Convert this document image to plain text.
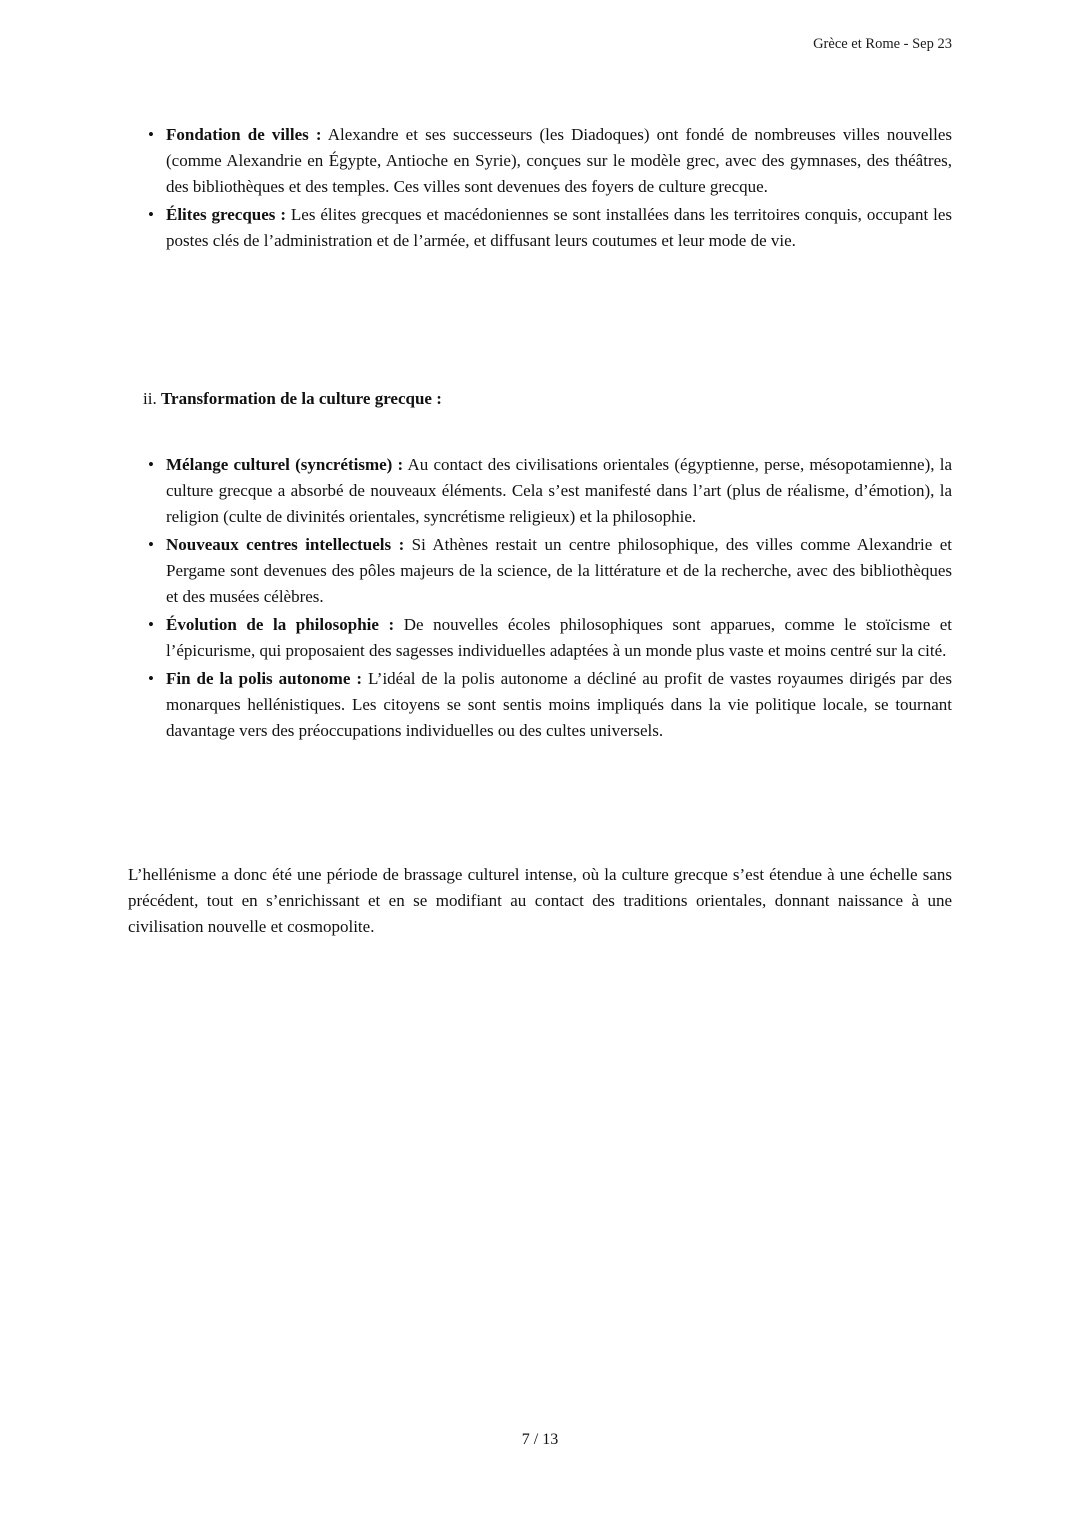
Grèce et Rome - Sep 23
• Fondation de villes : Alexandre et ses successeurs (les Diadoques) ont fondé de nombreuses villes nouvelles (comme Alexandrie en Égypte, Antioche en Syrie), conçues sur le modèle grec, avec des gymnases, des théâtres, des bibliothèques et des temples. Ces villes sont devenues des foyers de culture grecque.
• Élites grecques : Les élites grecques et macédoniennes se sont installées dans les territoires conquis, occupant les postes clés de l’administration et de l’armée, et diffusant leurs coutumes et leur mode de vie.
ii. Transformation de la culture grecque :
• Mélange culturel (syncrétisme) : Au contact des civilisations orientales (égyptienne, perse, mésopotamienne), la culture grecque a absorbé de nouveaux éléments. Cela s’est manifesté dans l’art (plus de réalisme, d’émotion), la religion (culte de divinités orientales, syncrétisme religieux) et la philosophie.
• Nouveaux centres intellectuels : Si Athènes restait un centre philosophique, des villes comme Alexandrie et Pergame sont devenues des pôles majeurs de la science, de la littérature et de la recherche, avec des bibliothèques et des musées célèbres.
• Évolution de la philosophie : De nouvelles écoles philosophiques sont apparues, comme le stoïcisme et l’épicurisme, qui proposaient des sagesses individuelles adaptées à un monde plus vaste et moins centré sur la cité.
• Fin de la polis autonome : L’idéal de la polis autonome a décliné au profit de vastes royaumes dirigés par des monarques hellénistiques. Les citoyens se sont sentis moins impliqués dans la vie politique locale, se tournant davantage vers des préoccupations individuelles ou des cultes universels.
L’hellénisme a donc été une période de brassage culturel intense, où la culture grecque s’est étendue à une échelle sans précédent, tout en s’enrichissant et en se modifiant au contact des traditions orientales, donnant naissance à une civilisation nouvelle et cosmopolite.
7 / 13
